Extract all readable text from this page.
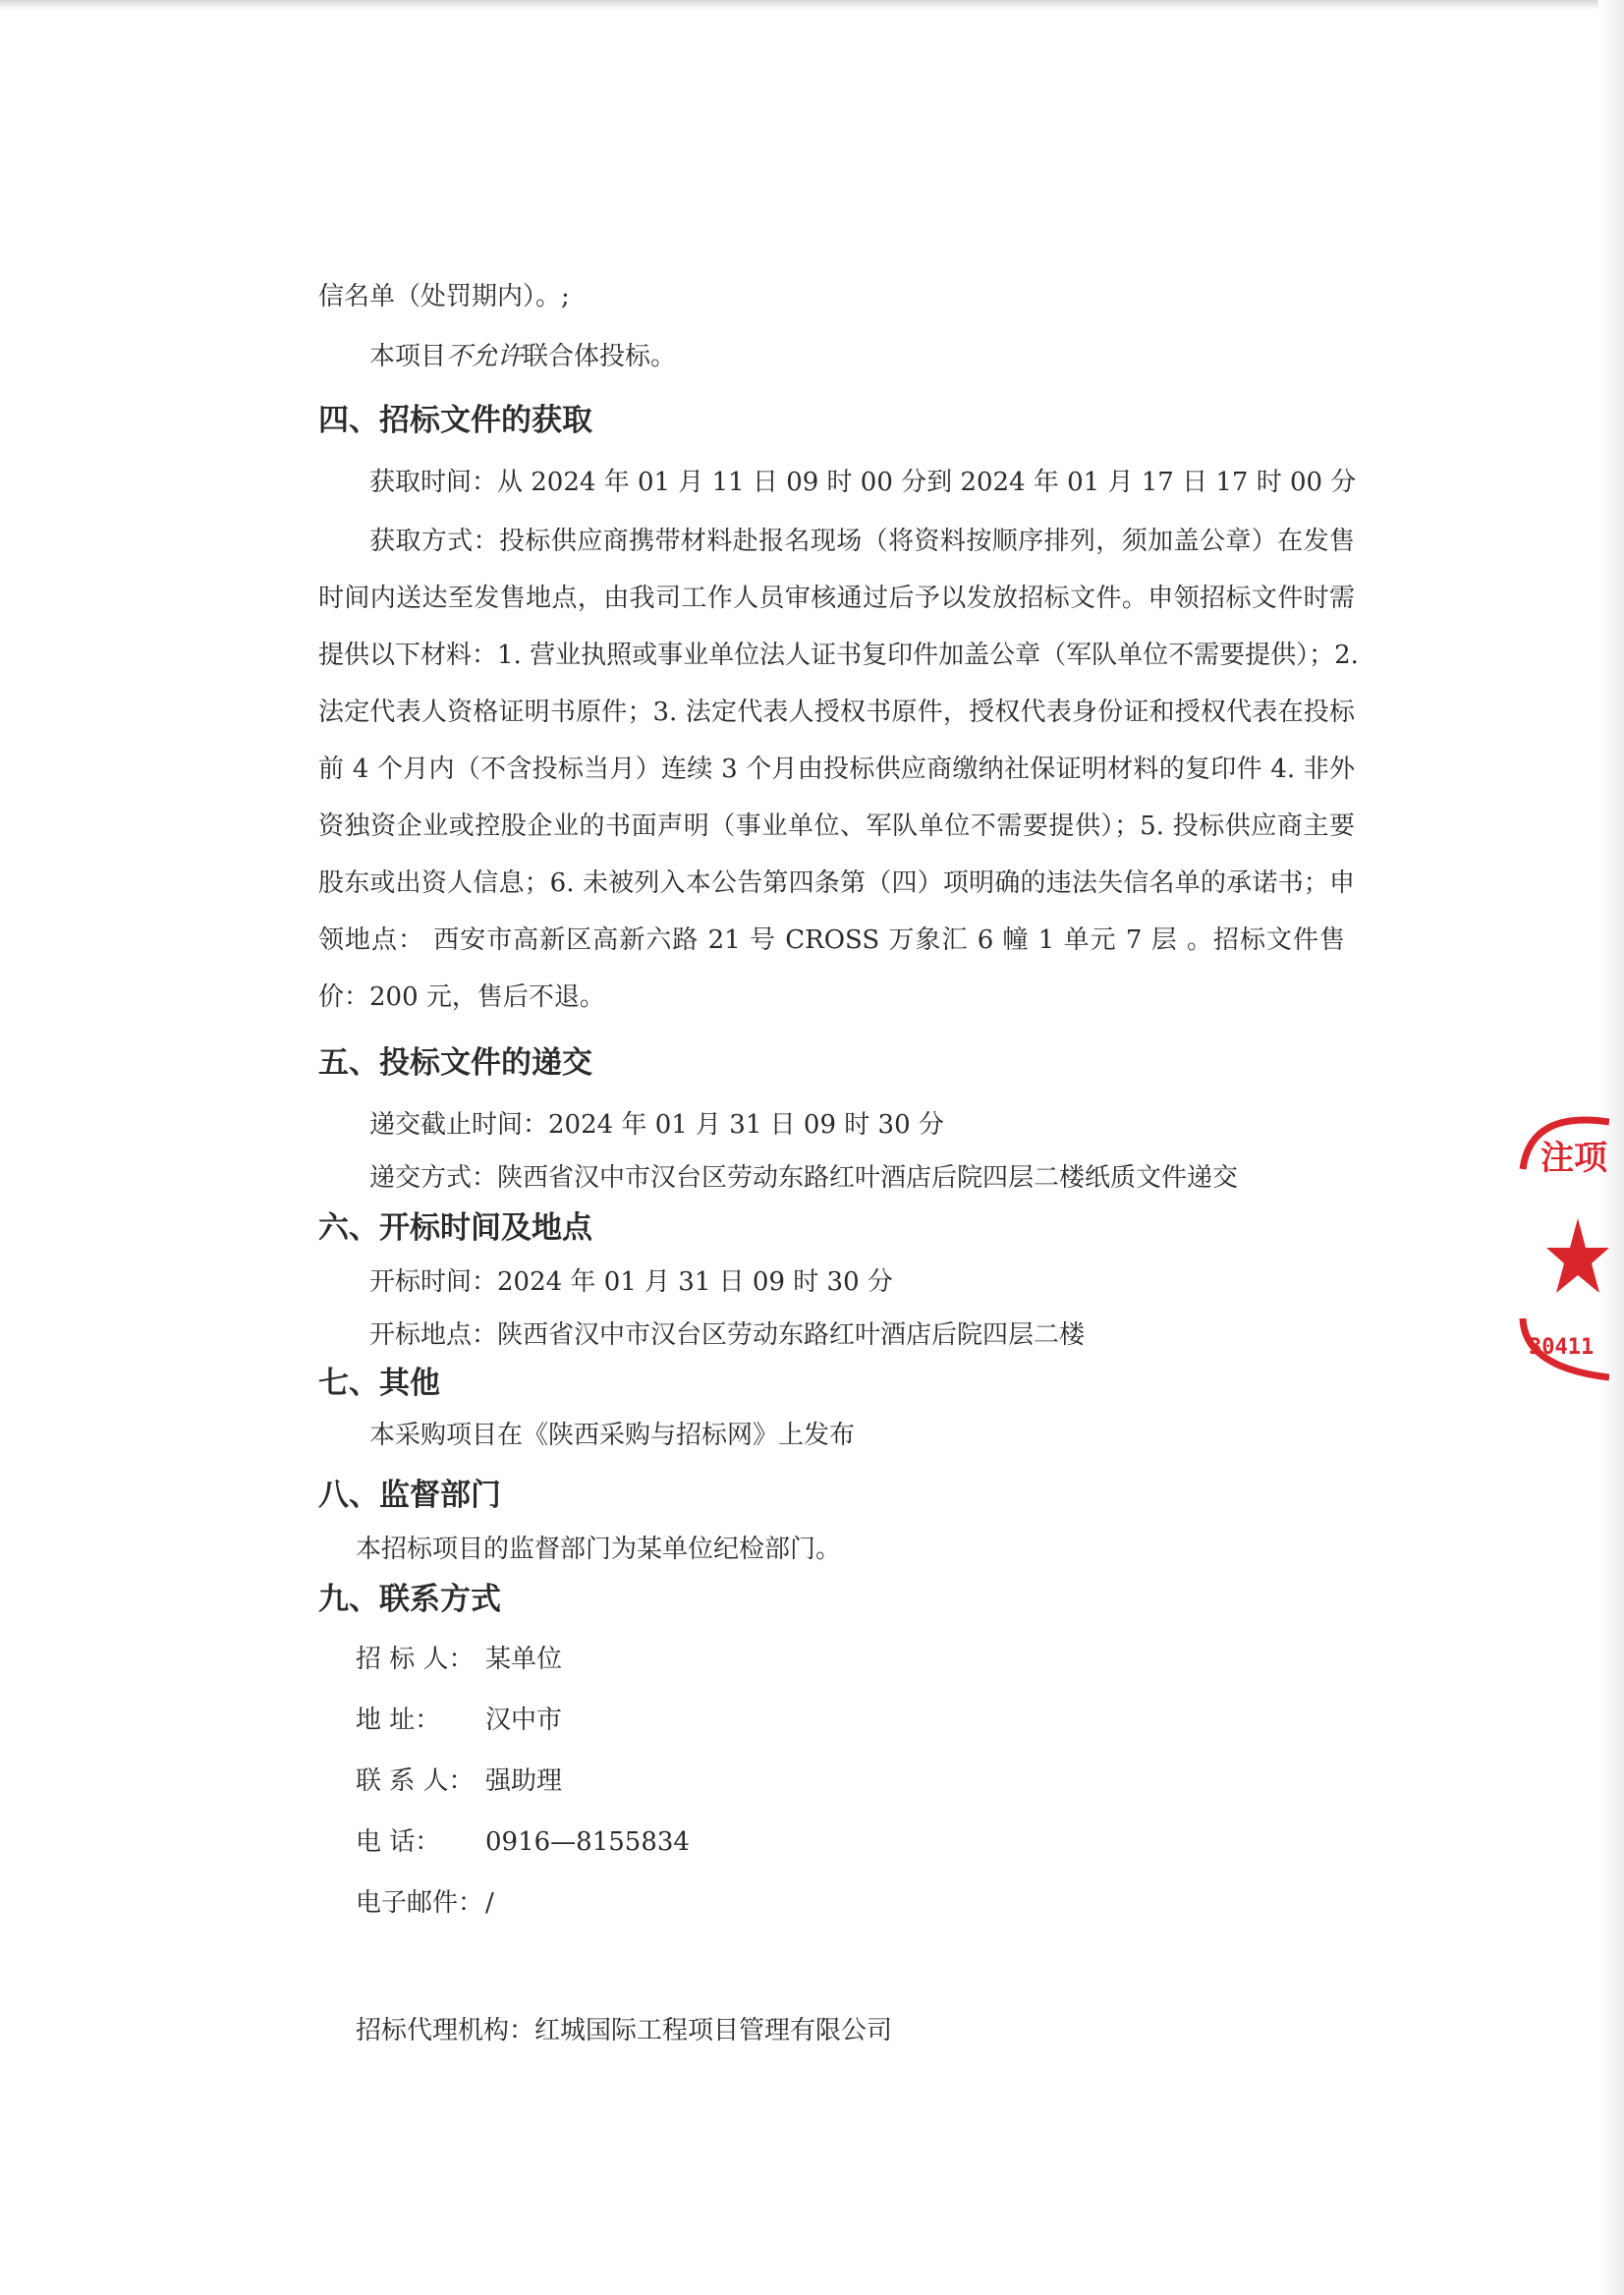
信名单（处罚期内）。;
本项目不允许联合体投标。
四、招标文件的获取
获取时间：从 2024 年 01 月 11 日 09 时 00 分到 2024 年 01 月 17 日 17 时 00 分
获取方式：投标供应商携带材料赴报名现场（将资料按顺序排列，须加盖公章）在发售
时间内送达至发售地点，由我司工作人员审核通过后予以发放招标文件。申领招标文件时需
提供以下材料：1. 营业执照或事业单位法人证书复印件加盖公章（军队单位不需要提供）；2.
法定代表人资格证明书原件；3. 法定代表人授权书原件，授权代表身份证和授权代表在投标
前 4 个月内（不含投标当月）连续 3 个月由投标供应商缴纳社保证明材料的复印件 4. 非外
资独资企业或控股企业的书面声明（事业单位、军队单位不需要提供）；5. 投标供应商主要
股东或出资人信息；6. 未被列入本公告第四条第（四）项明确的违法失信名单的承诺书；申
领地点： 西安市高新区高新六路 21 号 CROSS 万象汇 6 幢 1 单元 7 层 。招标文件售
价：200 元，售后不退。
五、投标文件的递交
递交截止时间：2024 年 01 月 31 日 09 时 30 分
递交方式：陕西省汉中市汉台区劳动东路红叶酒店后院四层二楼纸质文件递交
六、开标时间及地点
开标时间：2024 年 01 月 31 日 09 时 30 分
开标地点：陕西省汉中市汉台区劳动东路红叶酒店后院四层二楼
七、其他
本采购项目在《陕西采购与招标网》上发布
八、监督部门
本招标项目的监督部门为某单位纪检部门。
九、联系方式
招 标 人： 某单位
地 址： 汉中市
联 系 人： 强助理
电 话： 0916—8155834
电子邮件：/
招标代理机构：红城国际工程项目管理有限公司
注项
30411
